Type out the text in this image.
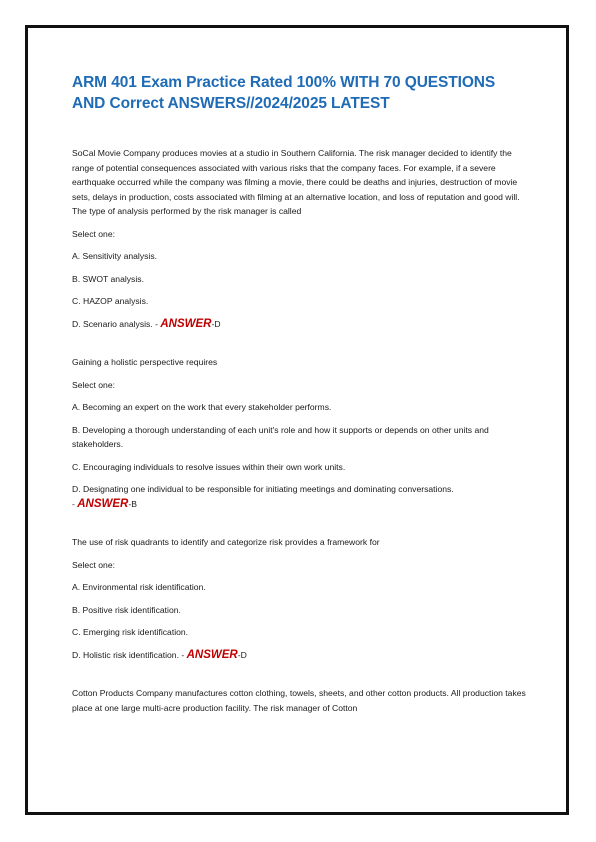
ARM 401 Exam Practice Rated 100% WITH 70 QUESTIONS AND Correct ANSWERS//2024/2025 LATEST

SoCal Movie Company produces movies at a studio in Southern California. The risk manager decided to identify the range of potential consequences associated with various risks that the company faces. For example, if a severe earthquake occurred while the company was filming a movie, there could be deaths and injuries, destruction of movie sets, delays in production, costs associated with filming at an alternative location, and loss of reputation and good will. The type of analysis performed by the risk manager is called

Select one:

A. Sensitivity analysis.

B. SWOT analysis.

C. HAZOP analysis.

D. Scenario analysis. - ANSWER-D

Gaining a holistic perspective requires

Select one:

A. Becoming an expert on the work that every stakeholder performs.

B. Developing a thorough understanding of each unit's role and how it supports or depends on other units and stakeholders.

C. Encouraging individuals to resolve issues within their own work units.

D. Designating one individual to be responsible for initiating meetings and dominating conversations.
- ANSWER-B

The use of risk quadrants to identify and categorize risk provides a framework for

Select one:

A. Environmental risk identification.

B. Positive risk identification.

C. Emerging risk identification.

D. Holistic risk identification. - ANSWER-D

Cotton Products Company manufactures cotton clothing, towels, sheets, and other cotton products. All production takes place at one large multi-acre production facility. The risk manager of Cotton
